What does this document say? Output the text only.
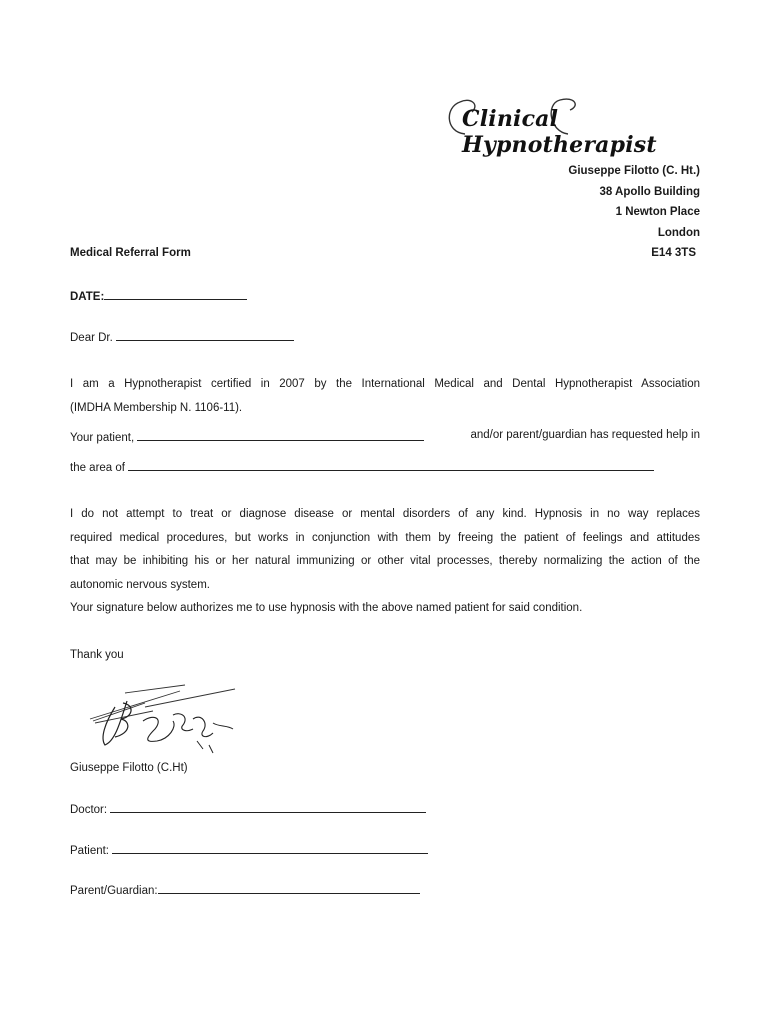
Clinical Hypnotherapist
Giuseppe Filotto (C. Ht.)
38 Apollo Building
1 Newton Place
London
E14 3TS
Medical Referral Form
DATE:
Dear Dr.
I am a Hypnotherapist certified in 2007 by the International Medical and Dental Hypnotherapist Association
(IMDHA Membership N. 1106-11).
Your patient,	and/or parent/guardian has requested help in
the area of
I do not attempt to treat or diagnose disease or mental disorders of any kind. Hypnosis in no way replaces
required medical procedures, but works in conjunction with them by freeing the patient of feelings and attitudes
that may be inhibiting his or her natural immunizing or other vital processes, thereby normalizing the action of the
autonomic nervous system.
Your signature below authorizes me to use hypnosis with the above named patient for said condition.
Thank you
Giuseppe Filotto (C.Ht)
Doctor:
Patient:
Parent/Guardian:
